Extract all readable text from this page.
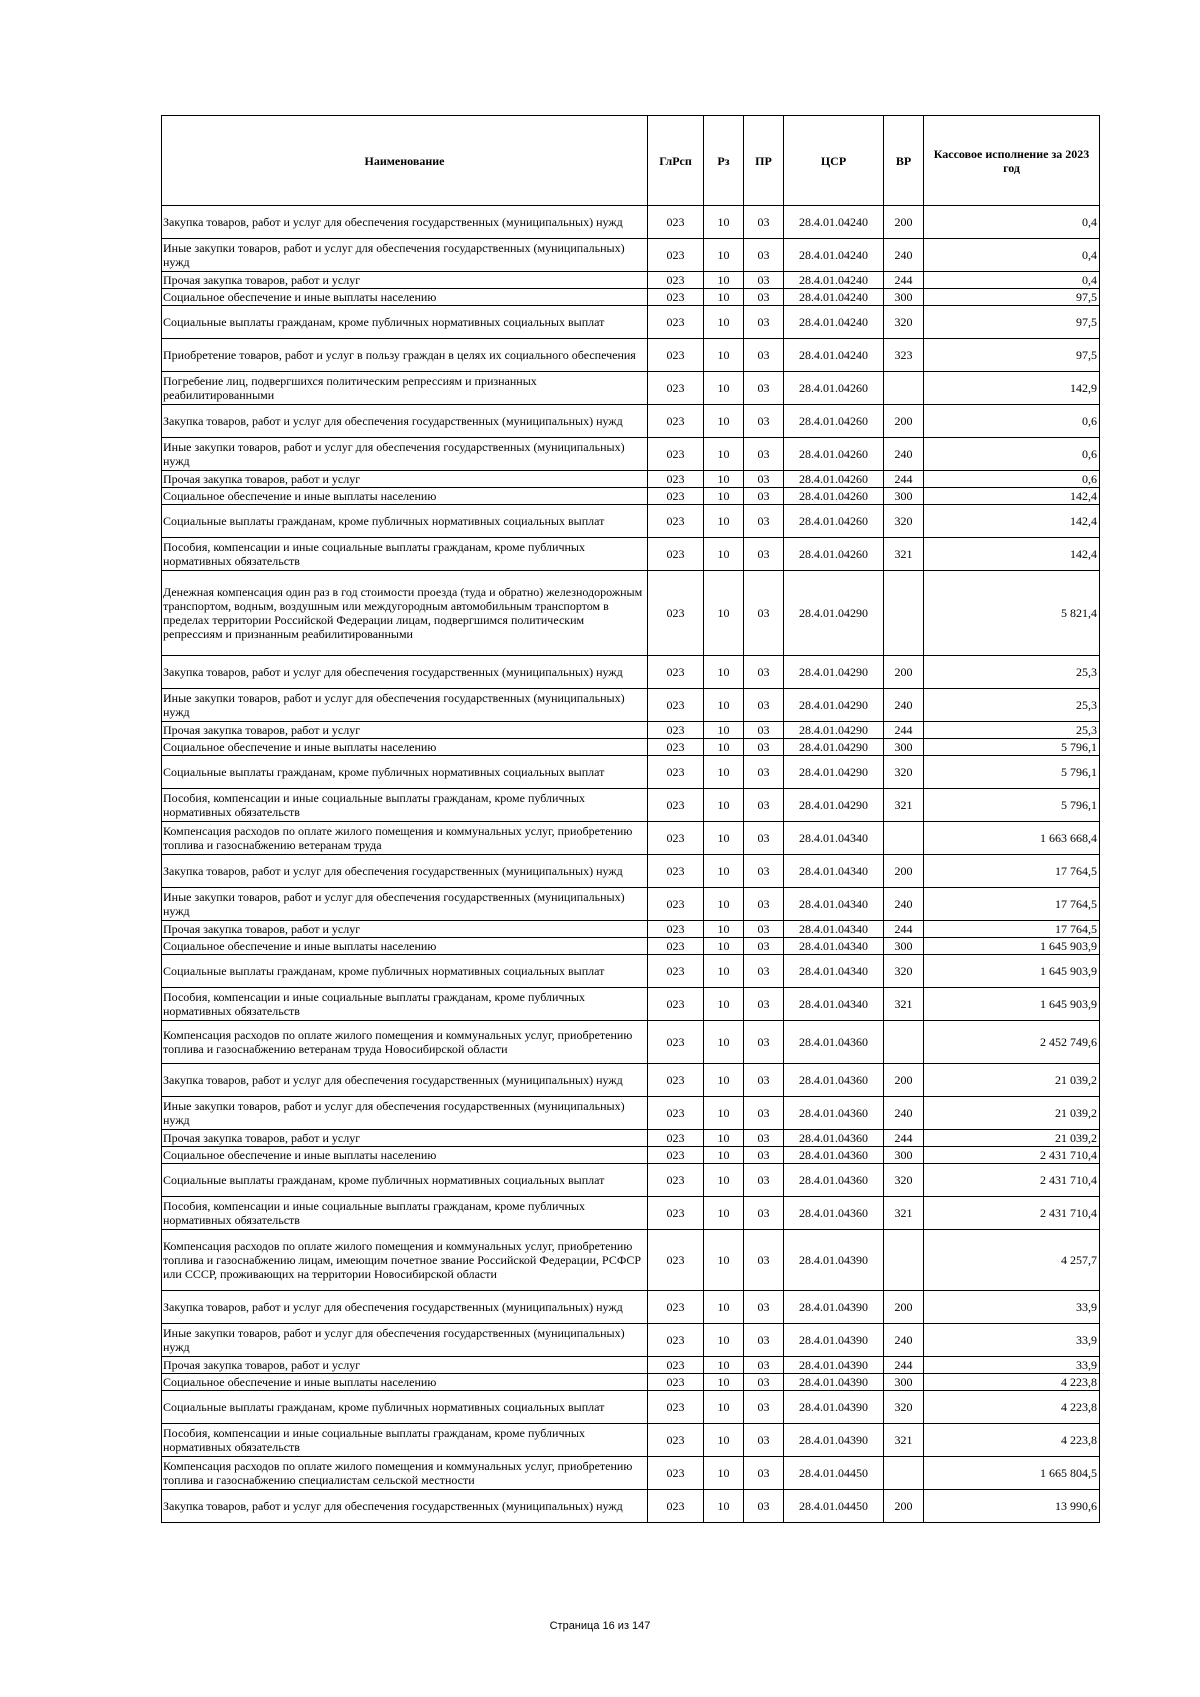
Наименование	ГлРсп	Рз	ПР	ЦСР	ВР	Кассовое исполнение за 2023 год
Закупка товаров, работ и услуг для обеспечения государственных (муниципальных) нужд	023	10	03	28.4.01.04240	200	0,4
Иные закупки товаров, работ и услуг для обеспечения государственных (муниципальных) нужд	023	10	03	28.4.01.04240	240	0,4
Прочая закупка товаров, работ и услуг	023	10	03	28.4.01.04240	244	0,4
Социальное обеспечение и иные выплаты населению	023	10	03	28.4.01.04240	300	97,5
Социальные выплаты гражданам, кроме публичных нормативных социальных выплат	023	10	03	28.4.01.04240	320	97,5
Приобретение товаров, работ и услуг в пользу граждан в целях их социального обеспечения	023	10	03	28.4.01.04240	323	97,5
Погребение лиц, подвергшихся политическим репрессиям и признанных реабилитированными	023	10	03	28.4.01.04260		142,9
Закупка товаров, работ и услуг для обеспечения государственных (муниципальных) нужд	023	10	03	28.4.01.04260	200	0,6
Иные закупки товаров, работ и услуг для обеспечения государственных (муниципальных) нужд	023	10	03	28.4.01.04260	240	0,6
Прочая закупка товаров, работ и услуг	023	10	03	28.4.01.04260	244	0,6
Социальное обеспечение и иные выплаты населению	023	10	03	28.4.01.04260	300	142,4
Социальные выплаты гражданам, кроме публичных нормативных социальных выплат	023	10	03	28.4.01.04260	320	142,4
Пособия, компенсации и иные социальные выплаты гражданам, кроме публичных нормативных обязательств	023	10	03	28.4.01.04260	321	142,4
Денежная компенсация один раз в год стоимости проезда (туда и обратно) железнодорожным транспортом, водным, воздушным или междугородным автомобильным транспортом в пределах территории Российской Федерации лицам, подвергшимся политическим репрессиям и признанным реабилитированными	023	10	03	28.4.01.04290		5 821,4
Закупка товаров, работ и услуг для обеспечения государственных (муниципальных) нужд	023	10	03	28.4.01.04290	200	25,3
Иные закупки товаров, работ и услуг для обеспечения государственных (муниципальных) нужд	023	10	03	28.4.01.04290	240	25,3
Прочая закупка товаров, работ и услуг	023	10	03	28.4.01.04290	244	25,3
Социальное обеспечение и иные выплаты населению	023	10	03	28.4.01.04290	300	5 796,1
Социальные выплаты гражданам, кроме публичных нормативных социальных выплат	023	10	03	28.4.01.04290	320	5 796,1
Пособия, компенсации и иные социальные выплаты гражданам, кроме публичных нормативных обязательств	023	10	03	28.4.01.04290	321	5 796,1
Компенсация расходов по оплате жилого помещения и коммунальных услуг, приобретению топлива и газоснабжению ветеранам труда	023	10	03	28.4.01.04340		1 663 668,4
Закупка товаров, работ и услуг для обеспечения государственных (муниципальных) нужд	023	10	03	28.4.01.04340	200	17 764,5
Иные закупки товаров, работ и услуг для обеспечения государственных (муниципальных) нужд	023	10	03	28.4.01.04340	240	17 764,5
Прочая закупка товаров, работ и услуг	023	10	03	28.4.01.04340	244	17 764,5
Социальное обеспечение и иные выплаты населению	023	10	03	28.4.01.04340	300	1 645 903,9
Социальные выплаты гражданам, кроме публичных нормативных социальных выплат	023	10	03	28.4.01.04340	320	1 645 903,9
Пособия, компенсации и иные социальные выплаты гражданам, кроме публичных нормативных обязательств	023	10	03	28.4.01.04340	321	1 645 903,9
Компенсация расходов по оплате жилого помещения и коммунальных услуг, приобретению топлива и газоснабжению ветеранам труда Новосибирской области	023	10	03	28.4.01.04360		2 452 749,6
Закупка товаров, работ и услуг для обеспечения государственных (муниципальных) нужд	023	10	03	28.4.01.04360	200	21 039,2
Иные закупки товаров, работ и услуг для обеспечения государственных (муниципальных) нужд	023	10	03	28.4.01.04360	240	21 039,2
Прочая закупка товаров, работ и услуг	023	10	03	28.4.01.04360	244	21 039,2
Социальное обеспечение и иные выплаты населению	023	10	03	28.4.01.04360	300	2 431 710,4
Социальные выплаты гражданам, кроме публичных нормативных социальных выплат	023	10	03	28.4.01.04360	320	2 431 710,4
Пособия, компенсации и иные социальные выплаты гражданам, кроме публичных нормативных обязательств	023	10	03	28.4.01.04360	321	2 431 710,4
Компенсация расходов по оплате жилого помещения и коммунальных услуг, приобретению топлива и газоснабжению лицам, имеющим почетное звание Российской Федерации, РСФСР или СССР, проживающих на территории Новосибирской области	023	10	03	28.4.01.04390		4 257,7
Закупка товаров, работ и услуг для обеспечения государственных (муниципальных) нужд	023	10	03	28.4.01.04390	200	33,9
Иные закупки товаров, работ и услуг для обеспечения государственных (муниципальных) нужд	023	10	03	28.4.01.04390	240	33,9
Прочая закупка товаров, работ и услуг	023	10	03	28.4.01.04390	244	33,9
Социальное обеспечение и иные выплаты населению	023	10	03	28.4.01.04390	300	4 223,8
Социальные выплаты гражданам, кроме публичных нормативных социальных выплат	023	10	03	28.4.01.04390	320	4 223,8
Пособия, компенсации и иные социальные выплаты гражданам, кроме публичных нормативных обязательств	023	10	03	28.4.01.04390	321	4 223,8
Компенсация расходов по оплате жилого помещения и коммунальных услуг, приобретению топлива и газоснабжению специалистам сельской местности	023	10	03	28.4.01.04450		1 665 804,5
Закупка товаров, работ и услуг для обеспечения государственных (муниципальных) нужд	023	10	03	28.4.01.04450	200	13 990,6
Страница 16 из 147
